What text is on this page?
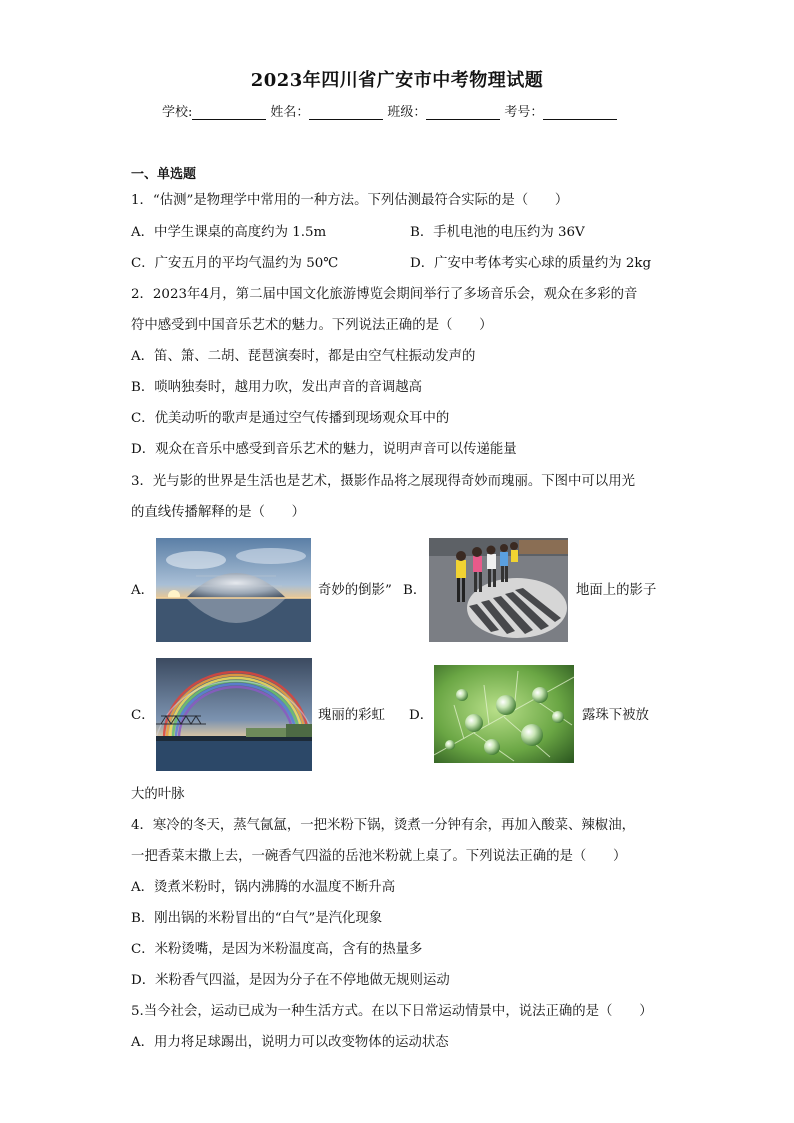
2023年四川省广安市中考物理试题
学校:	姓名：	班级：	考号：
一、单选题
1．“估测”是物理学中常用的一种方法。下列估测最符合实际的是（　　）
A．中学生课桌的高度约为 1.5m	B．手机电池的电压约为 36V
C．广安五月的平均气温约为 50℃	D．广安中考体考实心球的质量约为 2kg
2．2023年4月，第二届中国文化旅游博览会期间举行了多场音乐会，观众在多彩的音
符中感受到中国音乐艺术的魅力。下列说法正确的是（　　）
A．笛、箫、二胡、琵琶演奏时，都是由空气柱振动发声的
B．唢呐独奏时，越用力吹，发出声音的音调越高
C．优美动听的歌声是通过空气传播到现场观众耳中的
D．观众在音乐中感受到音乐艺术的魅力，说明声音可以传递能量
3．光与影的世界是生活也是艺术，摄影作品将之展现得奇妙而瑰丽。下图中可以用光
的直线传播解释的是（　　）
A．	奇妙的倒影” B．	地面上的影子
C．	瑰丽的彩虹 D．	露珠下被放
大的叶脉
4．寒冷的冬天，蒸气氤氲，一把米粉下锅，烫煮一分钟有余，再加入酸菜、辣椒油，
一把香菜末撒上去，一碗香气四溢的岳池米粉就上桌了。下列说法正确的是（　　）
A．烫煮米粉时，锅内沸腾的水温度不断升高
B．刚出锅的米粉冒出的“白气”是汽化现象
C．米粉烫嘴，是因为米粉温度高，含有的热量多
D．米粉香气四溢，是因为分子在不停地做无规则运动
5.当今社会，运动已成为一种生活方式。在以下日常运动情景中，说法正确的是（　　）
A．用力将足球踢出，说明力可以改变物体的运动状态
